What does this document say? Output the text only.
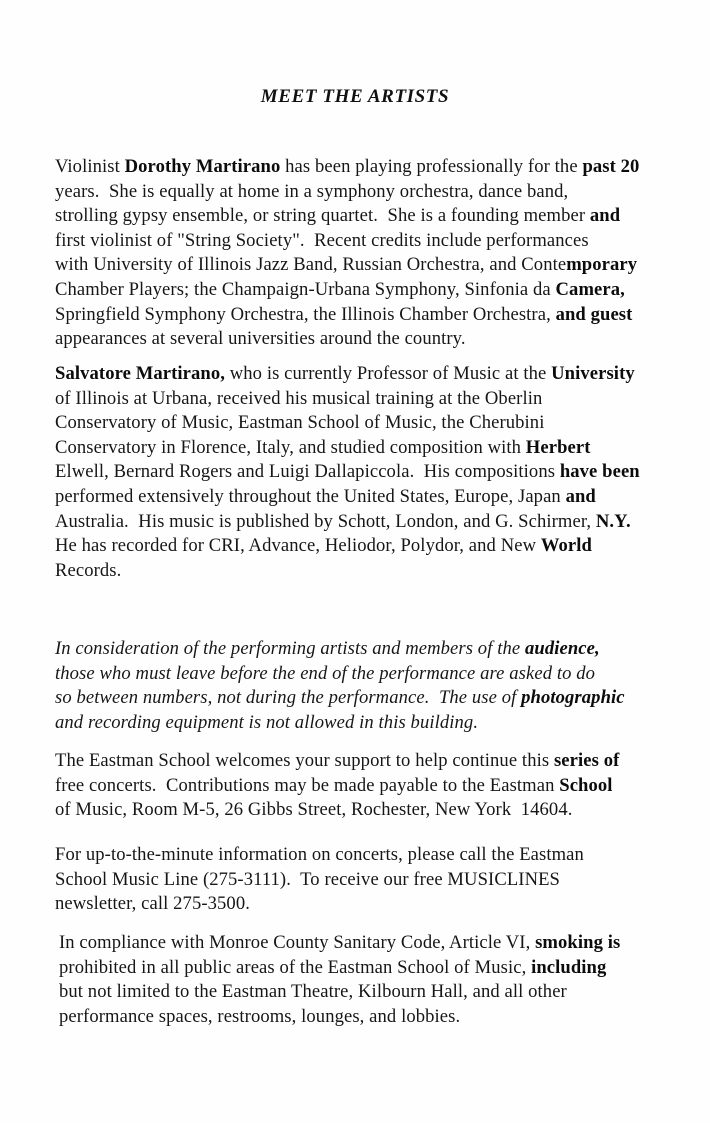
MEET THE ARTISTS

Violinist Dorothy Martirano has been playing professionally for the past 20
years.  She is equally at home in a symphony orchestra, dance band,
strolling gypsy ensemble, or string quartet.  She is a founding member and
first violinist of "String Society".  Recent credits include performances
with University of Illinois Jazz Band, Russian Orchestra, and Contemporary
Chamber Players; the Champaign-Urbana Symphony, Sinfonia da Camera,
Springfield Symphony Orchestra, the Illinois Chamber Orchestra, and guest
appearances at several universities around the country.

Salvatore Martirano, who is currently Professor of Music at the University
of Illinois at Urbana, received his musical training at the Oberlin
Conservatory of Music, Eastman School of Music, the Cherubini
Conservatory in Florence, Italy, and studied composition with Herbert
Elwell, Bernard Rogers and Luigi Dallapiccola.  His compositions have been
performed extensively throughout the United States, Europe, Japan and
Australia.  His music is published by Schott, London, and G. Schirmer, N.Y.
He has recorded for CRI, Advance, Heliodor, Polydor, and New World
Records.

In consideration of the performing artists and members of the audience,
those who must leave before the end of the performance are asked to do
so between numbers, not during the performance.  The use of photographic
and recording equipment is not allowed in this building.

The Eastman School welcomes your support to help continue this series of
free concerts.  Contributions may be made payable to the Eastman School
of Music, Room M-5, 26 Gibbs Street, Rochester, New York  14604.

For up-to-the-minute information on concerts, please call the Eastman
School Music Line (275-3111).  To receive our free MUSICLINES
newsletter, call 275-3500.

In compliance with Monroe County Sanitary Code, Article VI, smoking is
prohibited in all public areas of the Eastman School of Music, including
but not limited to the Eastman Theatre, Kilbourn Hall, and all other
performance spaces, restrooms, lounges, and lobbies.
